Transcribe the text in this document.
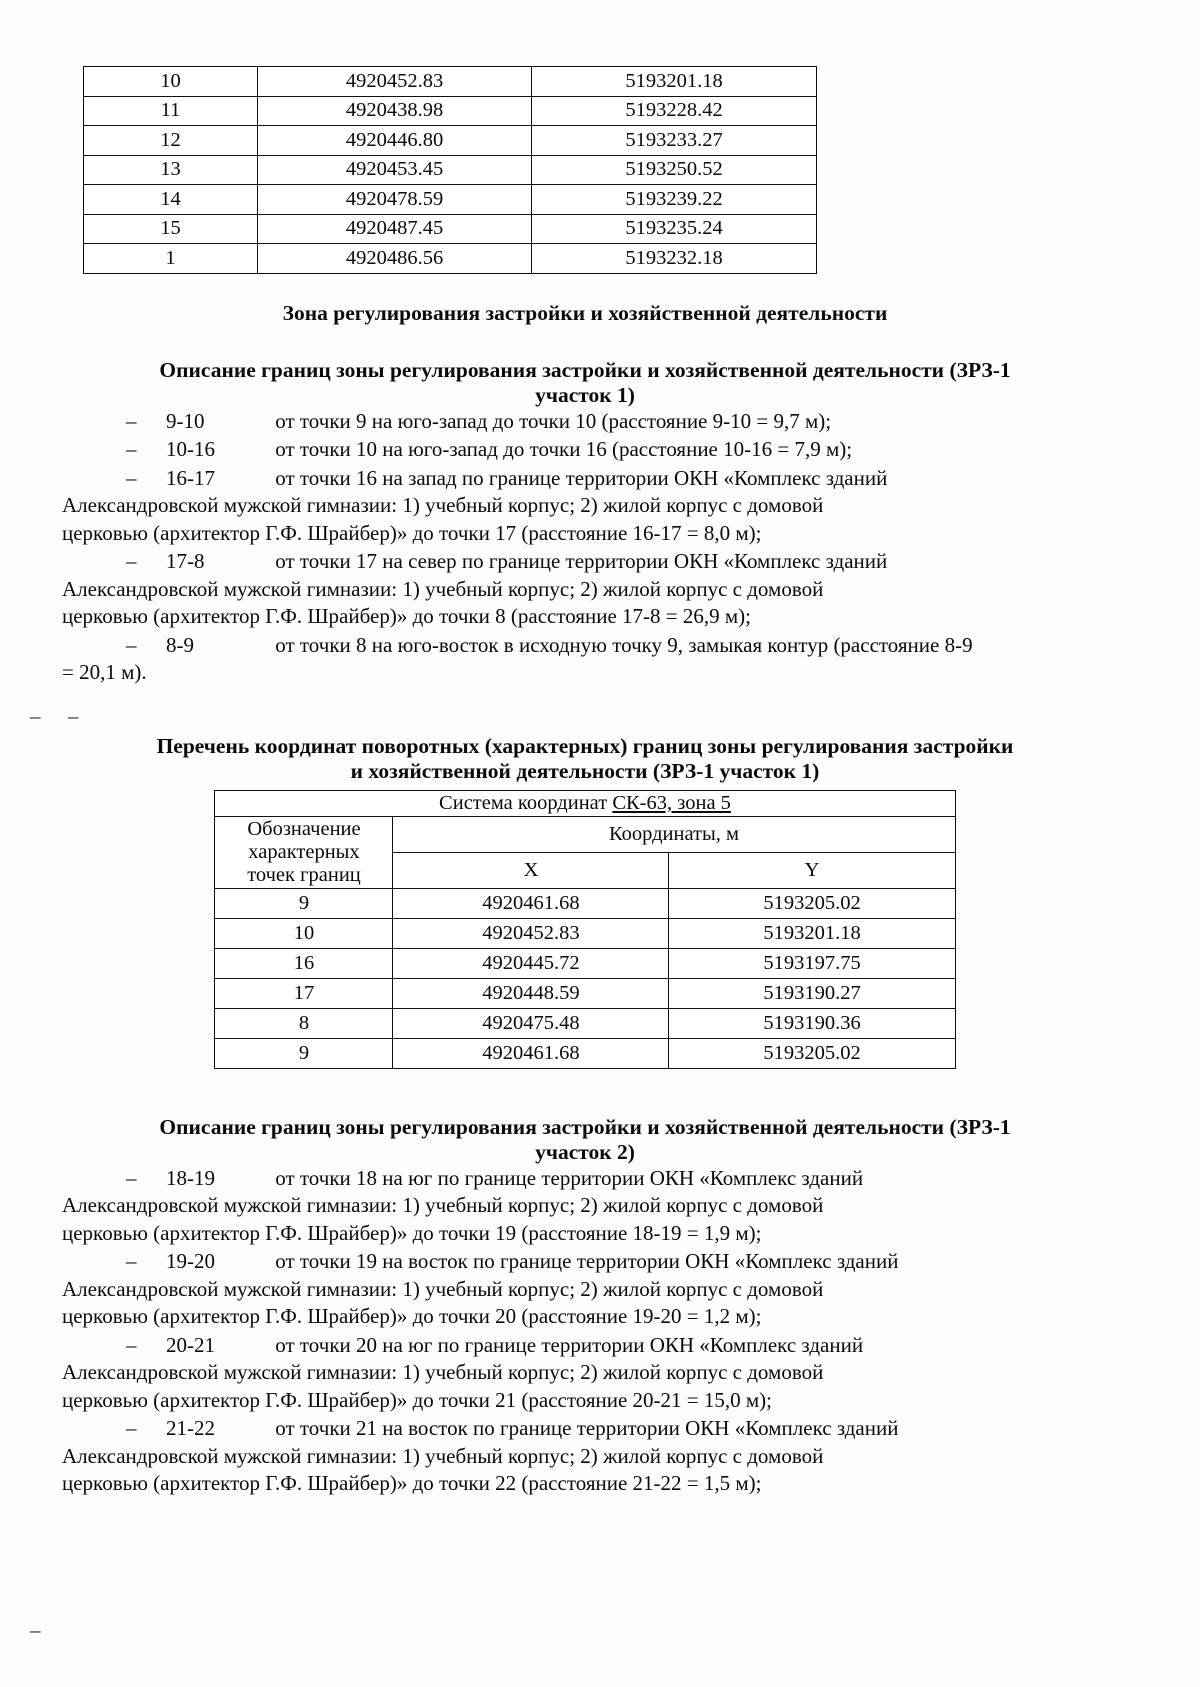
10	4920452.83	5193201.18
11	4920438.98	5193228.42
12	4920446.80	5193233.27
13	4920453.45	5193250.52
14	4920478.59	5193239.22
15	4920487.45	5193235.24
1	4920486.56	5193232.18
Зона регулирования застройки и хозяйственной деятельности
Описание границ зоны регулирования застройки и хозяйственной деятельности (ЗРЗ-1
участок 1)
– 9-10	от точки 9 на юго-запад до точки 10 (расстояние 9-10 = 9,7 м);
– 10-16	от точки 10 на юго-запад до точки 16 (расстояние 10-16 = 7,9 м);
– 16-17	от точки 16 на запад по границе территории ОКН «Комплекс зданий
Александровской мужской гимназии: 1) учебный корпус; 2) жилой корпус с домовой
церковью (архитектор Г.Ф. Шрайбер)» до точки 17 (расстояние 16-17 = 8,0 м);
– 17-8	от точки 17 на север по границе территории ОКН «Комплекс зданий
Александровской мужской гимназии: 1) учебный корпус; 2) жилой корпус с домовой
церковью (архитектор Г.Ф. Шрайбер)» до точки 8 (расстояние 17-8 = 26,9 м);
– 8-9	от точки 8 на юго-восток в исходную точку 9, замыкая контур (расстояние 8-9
= 20,1 м).
Перечень координат поворотных (характерных) границ зоны регулирования застройки
и хозяйственной деятельности (ЗРЗ-1 участок 1)
Система координат СК-63, зона 5		

Обозначение
характерных
точек границ	Координаты, м	
	X	Y
9	4920461.68	5193205.02
10	4920452.83	5193201.18
16	4920445.72	5193197.75
17	4920448.59	5193190.27
8	4920475.48	5193190.36
9	4920461.68	5193205.02
Описание границ зоны регулирования застройки и хозяйственной деятельности (ЗРЗ-1
участок 2)
– 18-19	от точки 18 на юг по границе территории ОКН «Комплекс зданий
Александровской мужской гимназии: 1) учебный корпус; 2) жилой корпус с домовой
церковью (архитектор Г.Ф. Шрайбер)» до точки 19 (расстояние 18-19 = 1,9 м);
– 19-20	от точки 19 на восток по границе территории ОКН «Комплекс зданий
Александровской мужской гимназии: 1) учебный корпус; 2) жилой корпус с домовой
церковью (архитектор Г.Ф. Шрайбер)» до точки 20 (расстояние 19-20 = 1,2 м);
– 20-21	от точки 20 на юг по границе территории ОКН «Комплекс зданий
Александровской мужской гимназии: 1) учебный корпус; 2) жилой корпус с домовой
церковью (архитектор Г.Ф. Шрайбер)» до точки 21 (расстояние 20-21 = 15,0 м);
– 21-22	от точки 21 на восток по границе территории ОКН «Комплекс зданий
Александровской мужской гимназии: 1) учебный корпус; 2) жилой корпус с домовой
церковью (архитектор Г.Ф. Шрайбер)» до точки 22 (расстояние 21-22 = 1,5 м);
– –
–
